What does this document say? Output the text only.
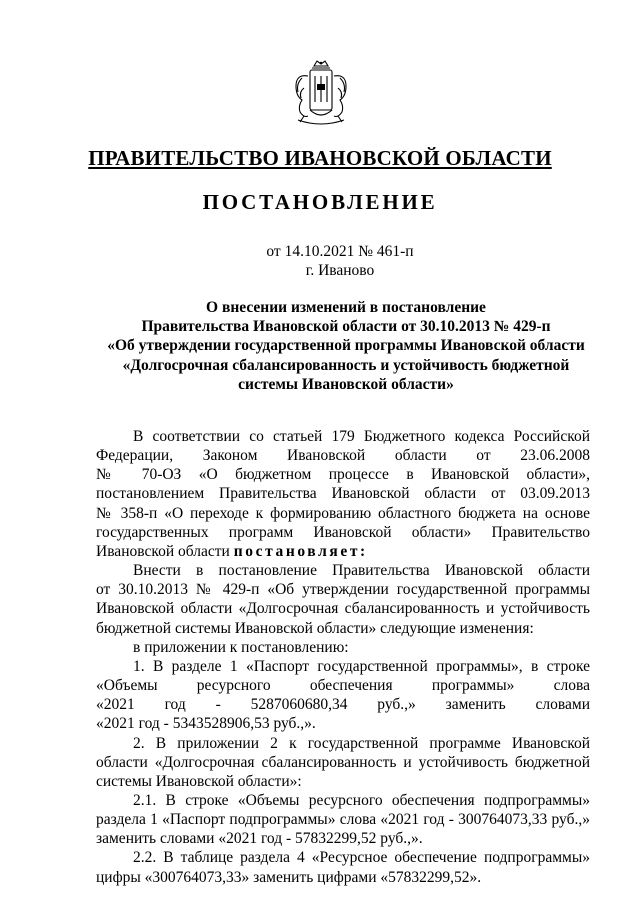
ПРАВИТЕЛЬСТВО ИВАНОВСКОЙ ОБЛАСТИ
ПОСТАНОВЛЕНИЕ
от 14.10.2021 № 461-п
г. Иваново
О внесении изменений в постановление
Правительства Ивановской области от 30.10.2013 № 429-п
«Об утверждении государственной программы Ивановской области
«Долгосрочная сбалансированность и устойчивость бюджетной
системы Ивановской области»
В соответствии со статьей 179 Бюджетного кодекса Российской
Федерации, Законом Ивановской области от 23.06.2008
№ 70-ОЗ «О бюджетном процессе в Ивановской области»,
постановлением Правительства Ивановской области от 03.09.2013
№ 358-п «О переходе к формированию областного бюджета на основе
государственных программ Ивановской области» Правительство
Ивановской области постановляет:
Внести в постановление Правительства Ивановской области
от 30.10.2013 № 429-п «Об утверждении государственной программы
Ивановской области «Долгосрочная сбалансированность и устойчивость
бюджетной системы Ивановской области» следующие изменения:
в приложении к постановлению:
1. В разделе 1 «Паспорт государственной программы», в строке
«Объемы ресурсного обеспечения программы» слова
«2021 год - 5287060680,34 руб.,» заменить словами
«2021 год - 5343528906,53 руб.,».
2. В приложении 2 к государственной программе Ивановской
области «Долгосрочная сбалансированность и устойчивость бюджетной
системы Ивановской области»:
2.1. В строке «Объемы ресурсного обеспечения подпрограммы»
раздела 1 «Паспорт подпрограммы» слова «2021 год - 300764073,33 руб.,»
заменить словами «2021 год - 57832299,52 руб.,».
2.2. В таблице раздела 4 «Ресурсное обеспечение подпрограммы»
цифры «300764073,33» заменить цифрами «57832299,52».
